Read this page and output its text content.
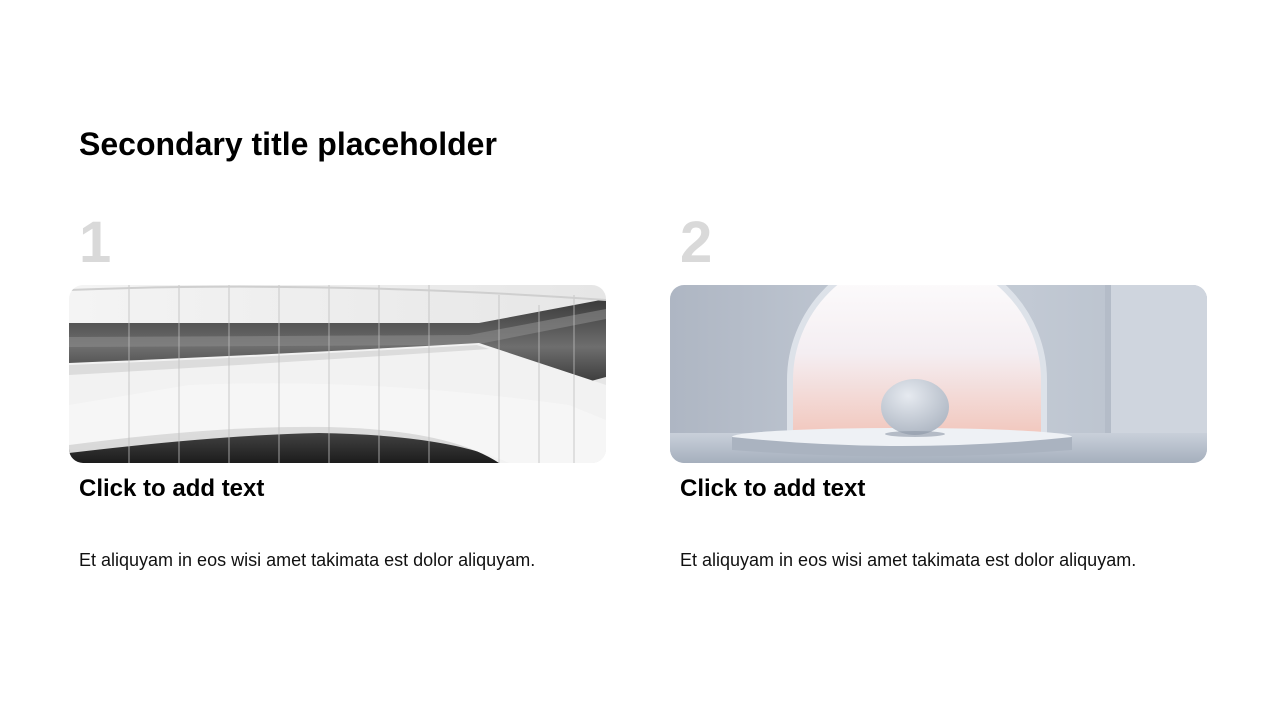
Secondary title placeholder
1
Click to add text

Et aliquyam in eos wisi amet takimata est dolor aliquyam.

2
Click to add text

Et aliquyam in eos wisi amet takimata est dolor aliquyam.
